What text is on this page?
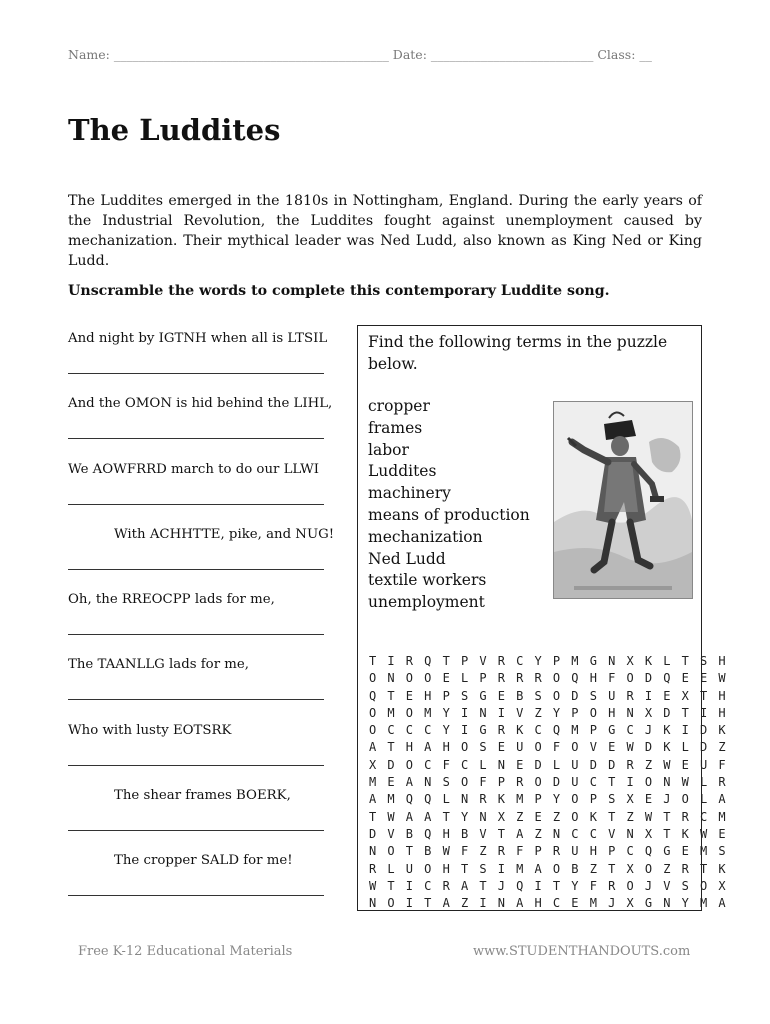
Name: ____________________________________________ Date: __________________________ Class: __
The Luddites

The Luddites emerged in the 1810s in Nottingham, England. During the early years of the Industrial Revolution, the Luddites fought against unemployment caused by mechanization. Their mythical leader was Ned Ludd, also known as King Ned or King Ludd.

Unscramble the words to complete this contemporary Luddite song.

And night by IGTNH when all is LTSIL
And the OMON is hid behind the LIHL,
We AOWFRRD march to do our LLWI
With ACHHTTE, pike, and NUG!
Oh, the RREOCPP lads for me,
The TAANLLG lads for me,
Who with lusty EOTSRK
The shear frames BOERK,
The cropper SALD for me!

Find the following terms in the puzzle below.

cropper
frames
labor
Luddites
machinery
means of production
mechanization
Ned Ludd
textile workers
unemployment
T I R Q T P V R C Y P M G N X K L T S H
O N O O E L P R R R O Q H F O D Q E E W
Q T E H P S G E B S O D S U R I E X T H
O M O M Y I N I V Z Y P O H N X D T I H
O C C C Y I G R K C Q M P G C J K I D K
A T H A H O S E U O F O V E W D K L D Z
X D O C F C L N E D L U D D R Z W E U F
M E A N S O F P R O D U C T I O N W L R
A M Q Q L N R K M P Y O P S X E J O L A
T W A A T Y N X Z E Z O K T Z W T R C M
D V B Q H B V T A Z N C C V N X T K W E
N O T B W F Z R F P R U H P C Q G E M S
R L U O H T S I M A O B Z T X O Z R T K
W T I C R A T J Q I T Y F R O J V S O X
N O I T A Z I N A H C E M J X G N Y M A
Free K-12 Educational Materials	www.STUDENTHANDOUTS.com
